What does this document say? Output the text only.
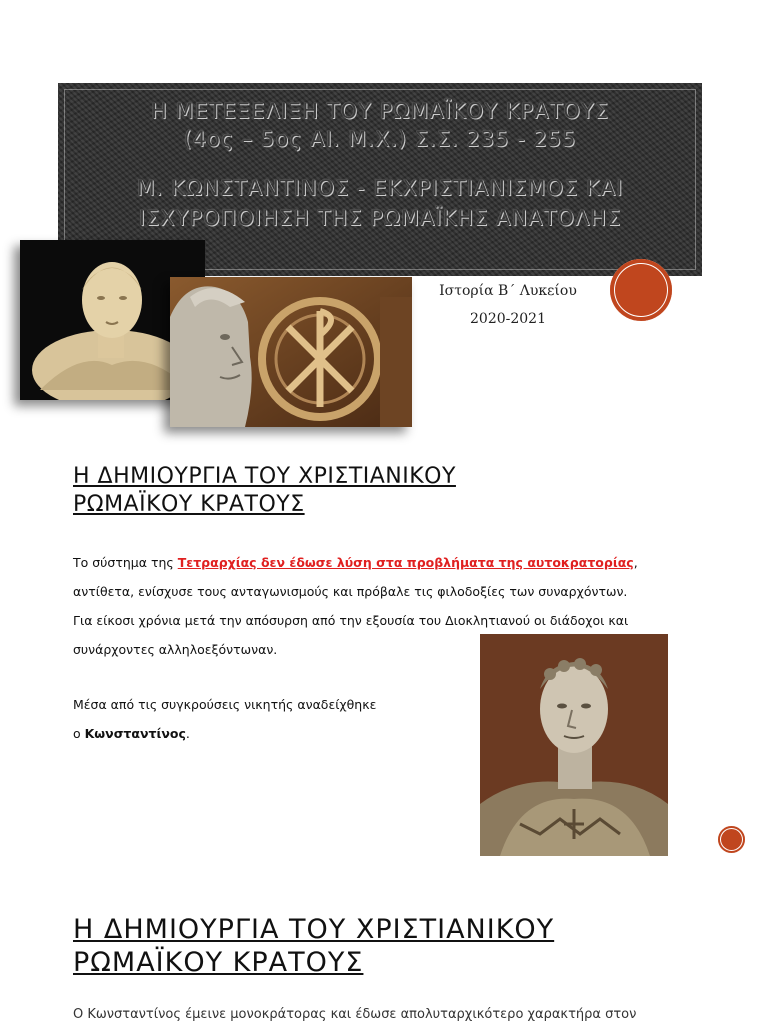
Η ΜΕΤΕΞΕΛΙΞΗ ΤΟΥ ΡΩΜΑΪΚΟΥ ΚΡΑΤΟΥΣ
(4ος – 5ος ΑΙ. Μ.Χ.) Σ.Σ. 235 - 255
Μ. ΚΩΝΣΤΑΝΤΙΝΟΣ - ΕΚΧΡΙΣΤΙΑΝΙΣΜΟΣ ΚΑΙ
ΙΣΧΥΡΟΠΟΙΗΣΗ ΤΗΣ ΡΩΜΑΪΚΗΣ ΑΝΑΤΟΛΗΣ
Ιστορία Β΄ Λυκείου
2020-2021
Η ΔΗΜΙΟΥΡΓΙΑ ΤΟΥ ΧΡΙΣΤΙΑΝΙΚΟΥ
ΡΩΜΑΪΚΟΥ ΚΡΑΤΟΥΣ
Το σύστημα της Τετραρχίας δεν έδωσε λύση στα προβλήματα της αυτοκρατορίας,
αντίθετα, ενίσχυσε τους ανταγωνισμούς και πρόβαλε τις φιλοδοξίες των συναρχόντων.
Για είκοσι χρόνια μετά την απόσυρση από την εξουσία του Διοκλητιανού οι διάδοχοι και
συνάρχοντες αλληλοεξόντωναν.
Μέσα από τις συγκρούσεις νικητής αναδείχθηκε
ο Κωνσταντίνος.
Η ΔΗΜΙΟΥΡΓΙΑ ΤΟΥ ΧΡΙΣΤΙΑΝΙΚΟΥ
ΡΩΜΑΪΚΟΥ ΚΡΑΤΟΥΣ
Ο Κωνσταντίνος έμεινε μονοκράτορας και έδωσε απολυταρχικότερο χαρακτήρα στον
